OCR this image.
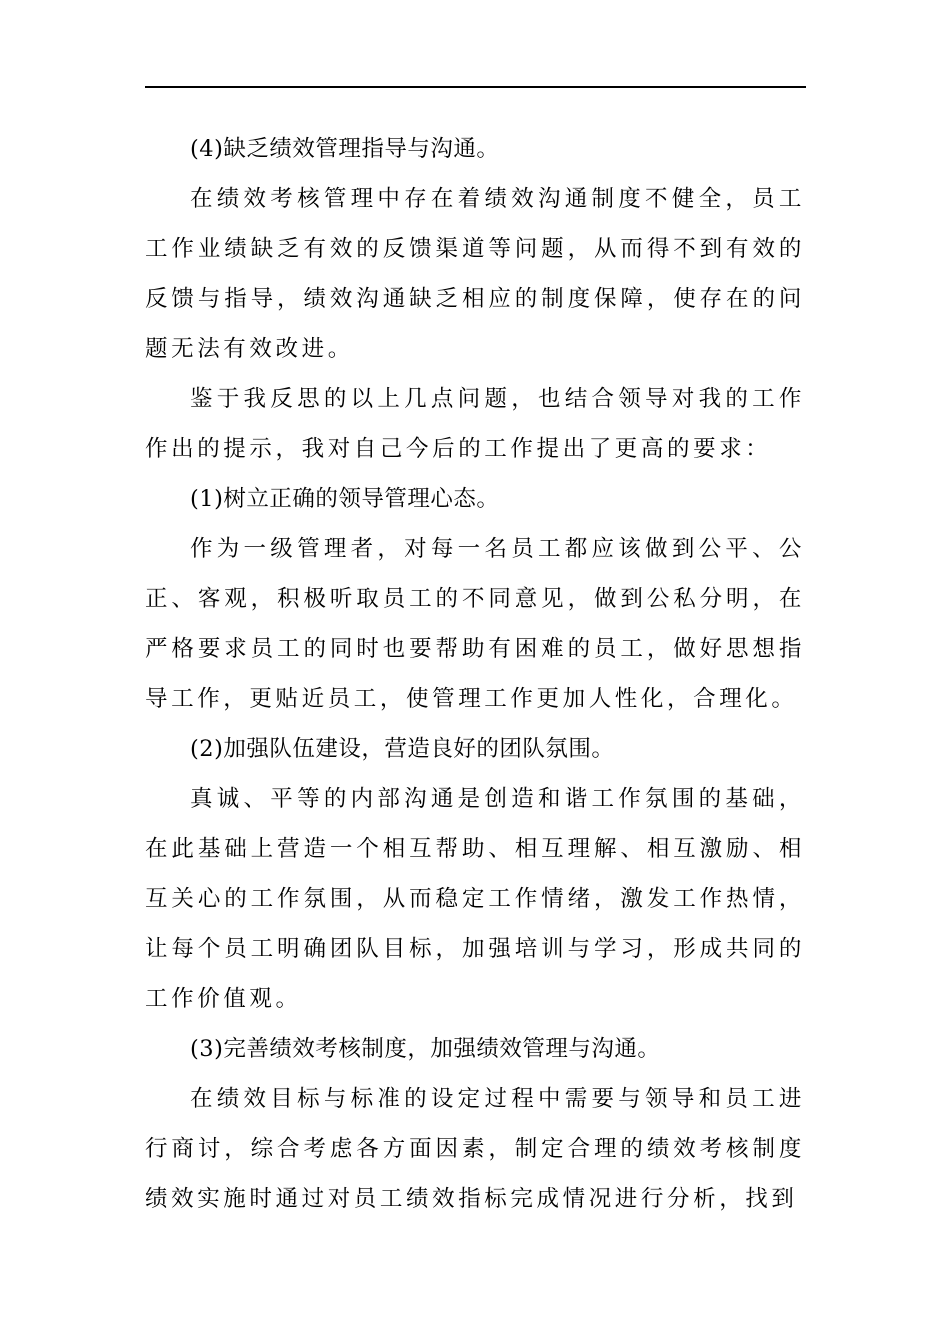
(4)缺乏绩效管理指导与沟通。

在绩效考核管理中存在着绩效沟通制度不健全，员工工作业绩缺乏有效的反馈渠道等问题，从而得不到有效的反馈与指导，绩效沟通缺乏相应的制度保障，使存在的问题无法有效改进。

鉴于我反思的以上几点问题，也结合领导对我的工作作出的提示，我对自己今后的工作提出了更高的要求：

(1)树立正确的领导管理心态。

作为一级管理者，对每一名员工都应该做到公平、公正、客观，积极听取员工的不同意见，做到公私分明，在严格要求员工的同时也要帮助有困难的员工，做好思想指导工作，更贴近员工，使管理工作更加人性化，合理化。

(2)加强队伍建设，营造良好的团队氛围。

真诚、平等的内部沟通是创造和谐工作氛围的基础，在此基础上营造一个相互帮助、相互理解、相互激励、相互关心的工作氛围，从而稳定工作情绪，激发工作热情，让每个员工明确团队目标，加强培训与学习，形成共同的工作价值观。

(3)完善绩效考核制度，加强绩效管理与沟通。

在绩效目标与标准的设定过程中需要与领导和员工进行商讨，综合考虑各方面因素，制定合理的绩效考核制度绩效实施时通过对员工绩效指标完成情况进行分析，找到
